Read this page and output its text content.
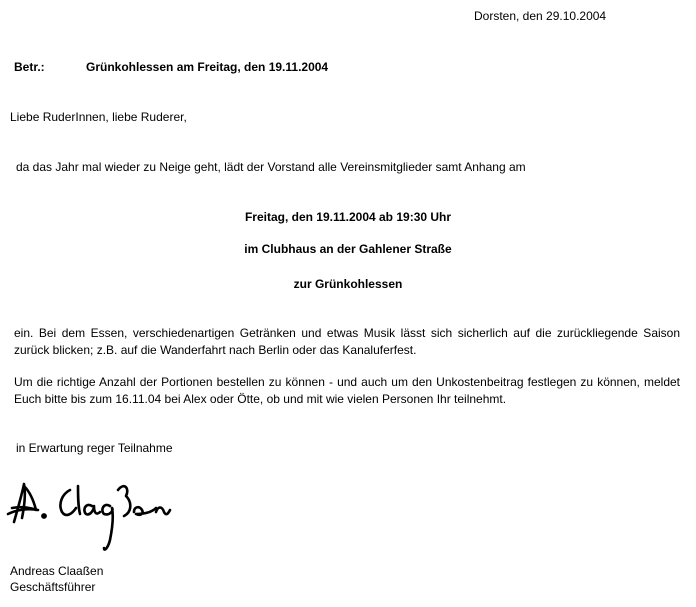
Dorsten, den 29.10.2004
Betr.:	Grünkohlessen am Freitag, den 19.11.2004
Liebe RuderInnen, liebe Ruderer,
da das Jahr mal wieder zu Neige geht, lädt der Vorstand alle Vereinsmitglieder samt Anhang am
Freitag, den 19.11.2004 ab 19:30 Uhr
im Clubhaus an der Gahlener Straße
zur Grünkohlessen
ein. Bei dem Essen, verschiedenartigen Getränken und etwas Musik lässt sich sicherlich auf die zurückliegende Saison zurück blicken; z.B. auf die Wanderfahrt nach Berlin oder das Kanaluferfest.
Um die richtige Anzahl der Portionen bestellen zu können - und auch um den Unkostenbeitrag festlegen zu können, meldet Euch bitte bis zum 16.11.04 bei Alex oder Ötte, ob und mit wie vielen Personen Ihr teilnehmt.
in Erwartung reger Teilnahme
Andreas Claaßen
Geschäftsführer
